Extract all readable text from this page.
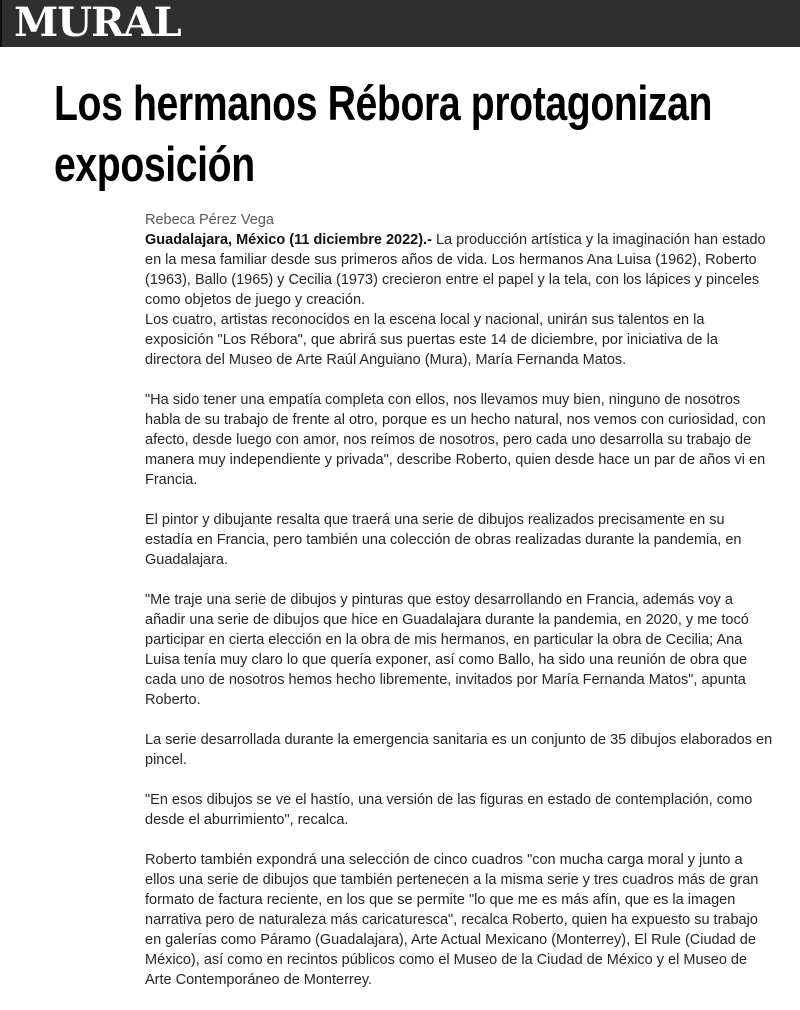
MURAL
Los hermanos Rébora protagonizan
exposición
Rebeca Pérez Vega

Guadalajara, México (11 diciembre 2022).- La producción artística y la imaginación han estado en la mesa familiar desde sus primeros años de vida. Los hermanos Ana Luisa (1962), Roberto (1963), Ballo (1965) y Cecilia (1973) crecieron entre el papel y la tela, con los lápices y pinceles como objetos de juego y creación.

Los cuatro, artistas reconocidos en la escena local y nacional, unirán sus talentos en la exposición "Los Rébora", que abrirá sus puertas este 14 de diciembre, por iniciativa de la directora del Museo de Arte Raúl Anguiano (Mura), María Fernanda Matos.

"Ha sido tener una empatía completa con ellos, nos llevamos muy bien, ninguno de nosotros habla de su trabajo de frente al otro, porque es un hecho natural, nos vemos con curiosidad, con afecto, desde luego con amor, nos reímos de nosotros, pero cada uno desarrolla su trabajo de manera muy independiente y privada", describe Roberto, quien desde hace un par de años vi en Francia.

El pintor y dibujante resalta que traerá una serie de dibujos realizados precisamente en su estadía en Francia, pero también una colección de obras realizadas durante la pandemia, en Guadalajara.

"Me traje una serie de dibujos y pinturas que estoy desarrollando en Francia, además voy a añadir una serie de dibujos que hice en Guadalajara durante la pandemia, en 2020, y me tocó participar en cierta elección en la obra de mis hermanos, en particular la obra de Cecilia; Ana Luisa tenía muy claro lo que quería exponer, así como Ballo, ha sido una reunión de obra que cada uno de nosotros hemos hecho libremente, invitados por María Fernanda Matos", apunta Roberto.

La serie desarrollada durante la emergencia sanitaria es un conjunto de 35 dibujos elaborados en pincel.

"En esos dibujos se ve el hastío, una versión de las figuras en estado de contemplación, como desde el aburrimiento", recalca.

Roberto también expondrá una selección de cinco cuadros "con mucha carga moral y junto a ellos una serie de dibujos que también pertenecen a la misma serie y tres cuadros más de gran formato de factura reciente, en los que se permite "lo que me es más afín, que es la imagen narrativa pero de naturaleza más caricaturesca", recalca Roberto, quien ha expuesto su trabajo en galerías como Páramo (Guadalajara), Arte Actual Mexicano (Monterrey), El Rule (Ciudad de México), así como en recintos públicos como el Museo de la Ciudad de México y el Museo de Arte Contemporáneo de Monterrey.
